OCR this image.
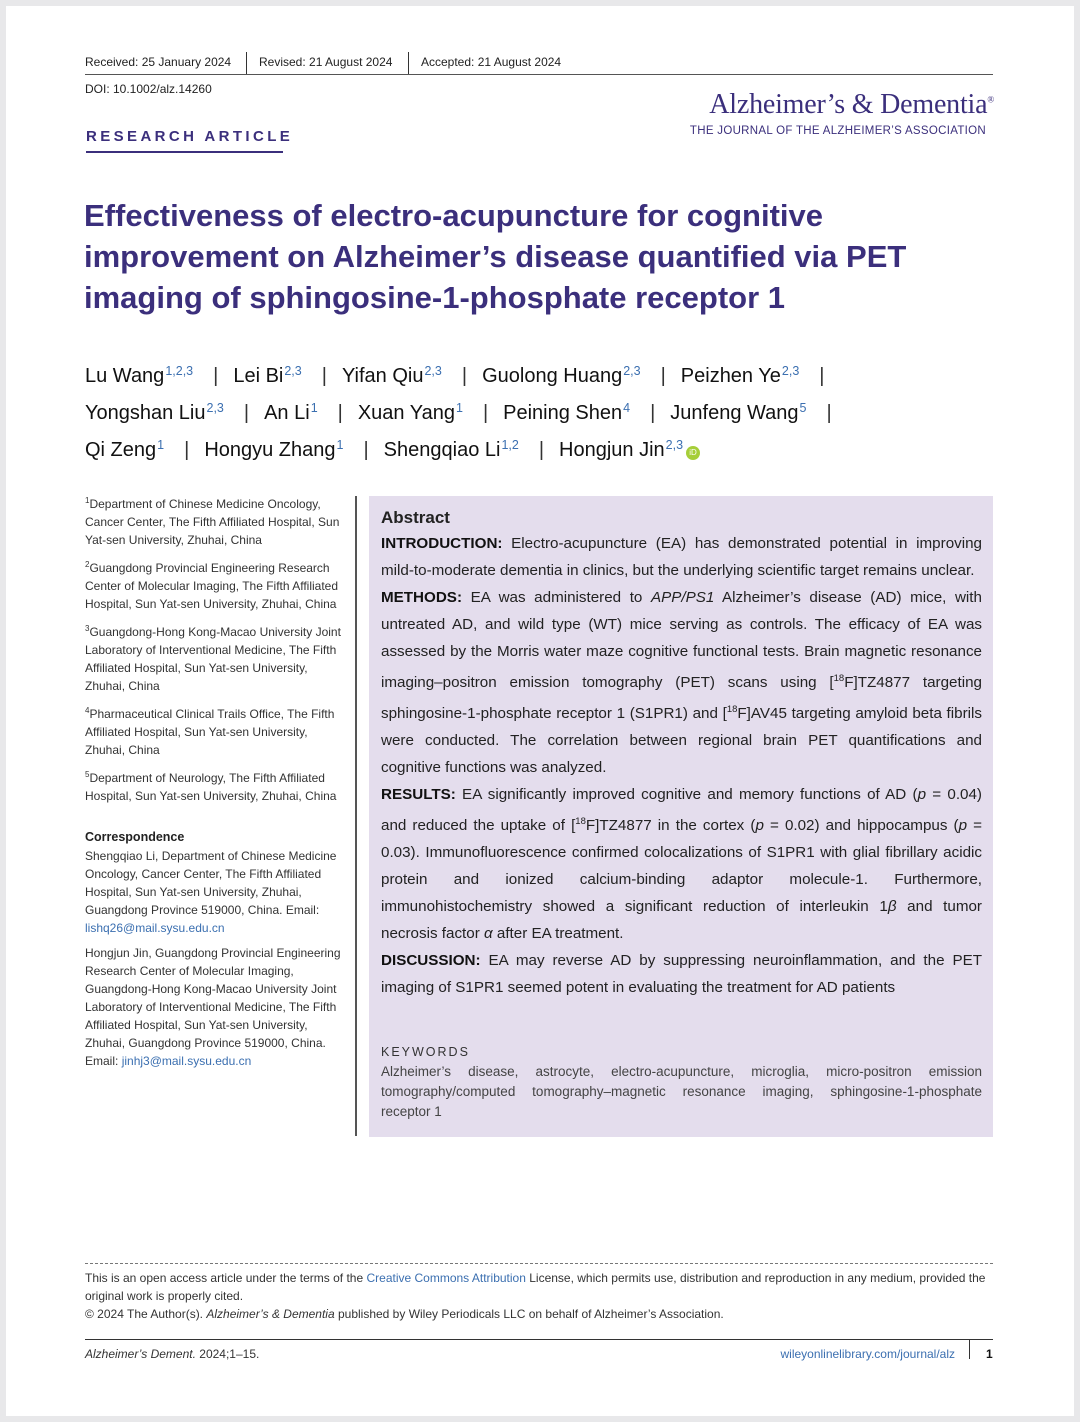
Received: 25 January 2024 Revised: 21 August 2024 Accepted: 21 August 2024
DOI: 10.1002/alz.14260	Alzheimer’s & Dementia®
THE JOURNAL OF THE ALZHEIMER’S ASSOCIATION
RESEARCH ARTICLE
Effectiveness of electro-acupuncture for cognitive improvement on Alzheimer’s disease quantified via PET imaging of sphingosine-1-phosphate receptor 1
Lu Wang$^{1,2,3}$ | Lei Bi$^{2,3}$ | Yifan Qiu$^{2,3}$ | Guolong Huang$^{2,3}$ | Peizhen Ye$^{2,3}$ |
Yongshan Liu$^{2,3}$ | An Li$^1$ | Xuan Yang$^1$ | Peining Shen$^4$ | Junfeng Wang$^5$ |
Qi Zeng$^1$ | Hongyu Zhang$^1$ | Shengqiao Li$^{1,2}$ | Hongjun Jin$^{2,3}$iD

$^1$Department of Chinese Medicine Oncology, Cancer Center, The Fifth Affiliated Hospital, Sun Yat-sen University, Zhuhai, China

$^2$Guangdong Provincial Engineering Research Center of Molecular Imaging, The Fifth Affiliated Hospital, Sun Yat-sen University, Zhuhai, China

$^3$Guangdong-Hong Kong-Macao University Joint Laboratory of Interventional Medicine, The Fifth Affiliated Hospital, Sun Yat-sen University, Zhuhai, China

$^4$Pharmaceutical Clinical Trails Office, The Fifth Affiliated Hospital, Sun Yat-sen University, Zhuhai, China

$^5$Department of Neurology, The Fifth Affiliated Hospital, Sun Yat-sen University, Zhuhai, China

Correspondence

Shengqiao Li, Department of Chinese Medicine Oncology, Cancer Center, The Fifth Affiliated Hospital, Sun Yat-sen University, Zhuhai, Guangdong Province 519000, China. Email: lishq26@mail.sysu.edu.cn

Hongjun Jin, Guangdong Provincial Engineering Research Center of Molecular Imaging, Guangdong-Hong Kong-Macao University Joint Laboratory of Interventional Medicine, The Fifth Affiliated Hospital, Sun Yat-sen University, Zhuhai, Guangdong Province 519000, China. Email: jinhj3@mail.sysu.edu.cn

Abstract

INTRODUCTION: Electro-acupuncture (EA) has demonstrated potential in improving mild-to-moderate dementia in clinics, but the underlying scientific target remains unclear.

METHODS: EA was administered to APP/PS1 Alzheimer’s disease (AD) mice, with untreated AD, and wild type (WT) mice serving as controls. The efficacy of EA was assessed by the Morris water maze cognitive functional tests. Brain magnetic resonance imaging–positron emission tomography (PET) scans using [$^{18}$F]TZ4877 targeting sphingosine-1-phosphate receptor 1 (S1PR1) and [$^{18}$F]AV45 targeting amyloid beta fibrils were conducted. The correlation between regional brain PET quantifications and cognitive functions was analyzed.

RESULTS: EA significantly improved cognitive and memory functions of AD (p = 0.04) and reduced the uptake of [$^{18}$F]TZ4877 in the cortex (p = 0.02) and hippocampus (p = 0.03). Immunofluorescence confirmed colocalizations of S1PR1 with glial fibrillary acidic protein and ionized calcium-binding adaptor molecule-1. Furthermore, immunohistochemistry showed a significant reduction of interleukin 1β and tumor necrosis factor α after EA treatment.

DISCUSSION: EA may reverse AD by suppressing neuroinflammation, and the PET imaging of S1PR1 seemed potent in evaluating the treatment for AD patients

KEYWORDS
Alzheimer’s disease, astrocyte, electro-acupuncture, microglia, micro-positron emission tomography/computed tomography–magnetic resonance imaging, sphingosine-1-phosphate receptor 1

This is an open access article under the terms of the Creative Commons Attribution License, which permits use, distribution and reproduction in any medium, provided the original work is properly cited.

© 2024 The Author(s). Alzheimer’s & Dementia published by Wiley Periodicals LLC on behalf of Alzheimer’s Association.

Alzheimer’s Dement. 2024;1–15.	wileyonlinelibrary.com/journal/alz	1
